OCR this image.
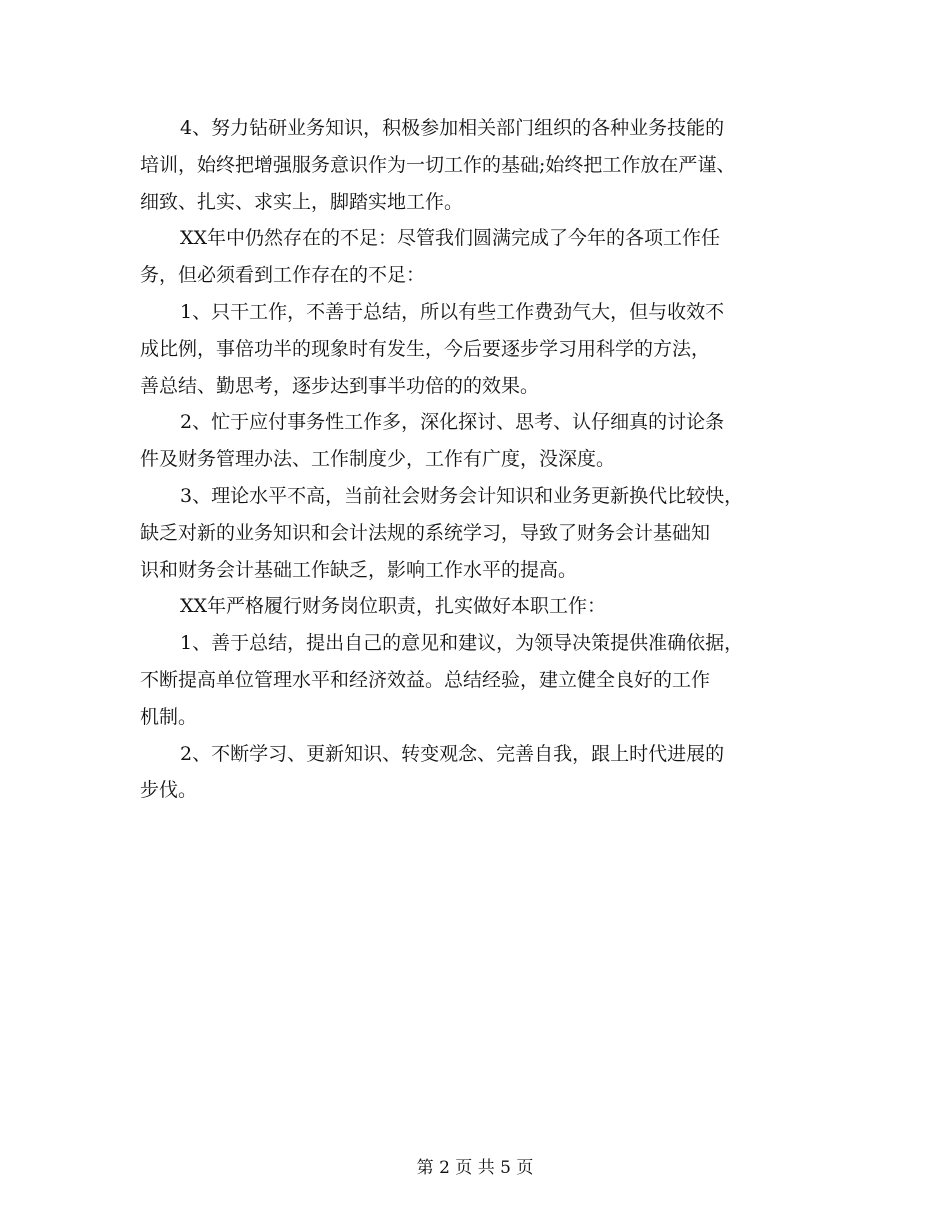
4、努力钻研业务知识，积极参加相关部门组织的各种业务技能的
培训，始终把增强服务意识作为一切工作的基础;始终把工作放在严谨、
细致、扎实、求实上，脚踏实地工作。
XX年中仍然存在的不足：尽管我们圆满完成了今年的各项工作任
务，但必须看到工作存在的不足：
1、只干工作，不善于总结，所以有些工作费劲气大，但与收效不
成比例，事倍功半的现象时有发生，今后要逐步学习用科学的方法，
善总结、勤思考，逐步达到事半功倍的的效果。
2、忙于应付事务性工作多，深化探讨、思考、认仔细真的讨论条
件及财务管理办法、工作制度少，工作有广度，没深度。
3、理论水平不高，当前社会财务会计知识和业务更新换代比较快，
缺乏对新的业务知识和会计法规的系统学习，导致了财务会计基础知
识和财务会计基础工作缺乏，影响工作水平的提高。
XX年严格履行财务岗位职责，扎实做好本职工作：
1、善于总结，提出自己的意见和建议，为领导决策提供准确依据，
不断提高单位管理水平和经济效益。总结经验，建立健全良好的工作
机制。
2、不断学习、更新知识、转变观念、完善自我，跟上时代进展的
步伐。
第 2 页 共 5 页
